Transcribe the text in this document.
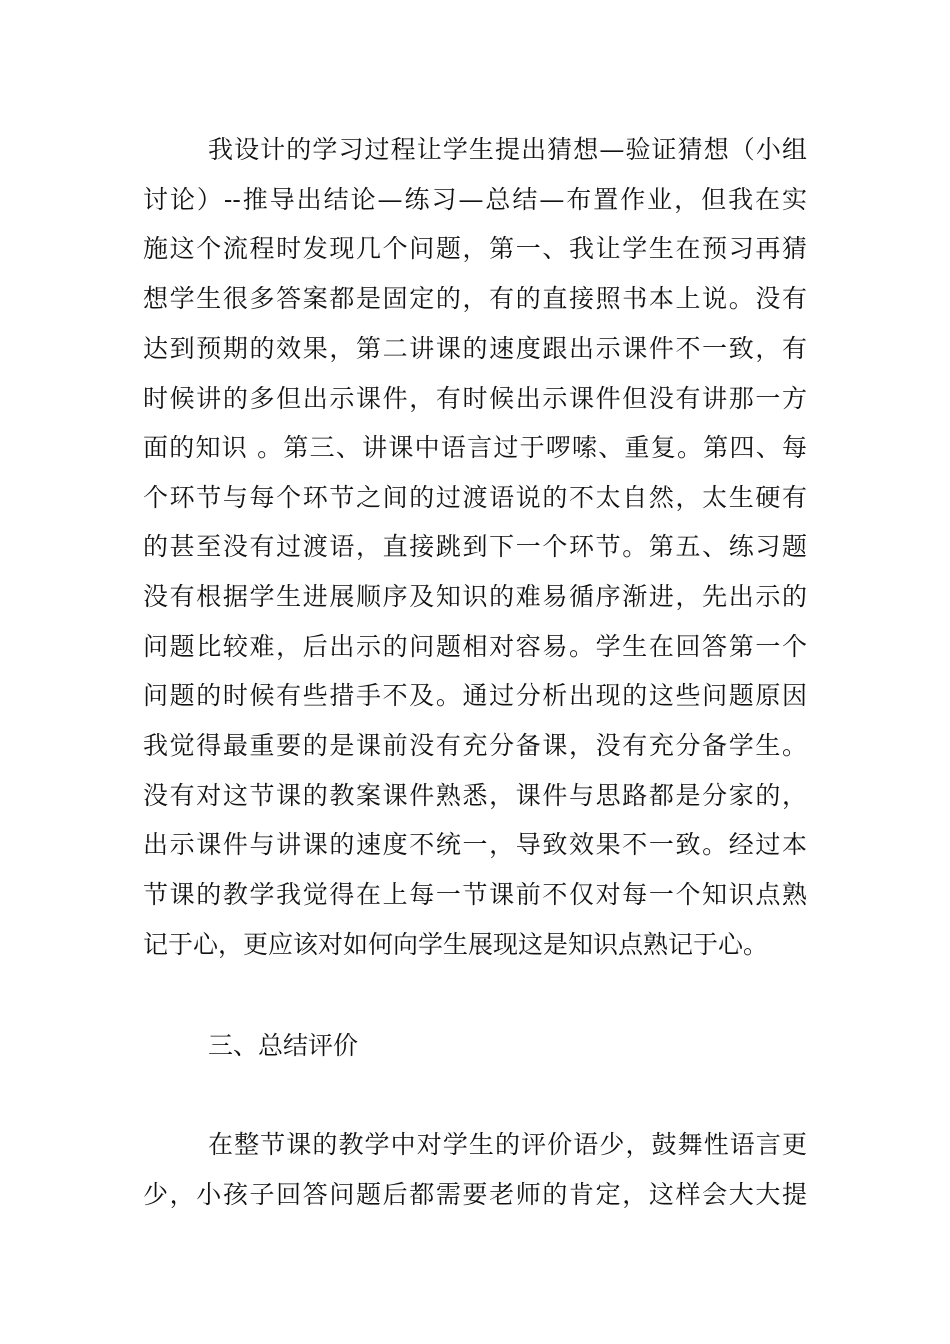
我设计的学习过程让学生提出猜想—验证猜想（小组
讨论）--推导出结论—练习—总结—布置作业，但我在实
施这个流程时发现几个问题，第一、我让学生在预习再猜
想学生很多答案都是固定的，有的直接照书本上说。没有
达到预期的效果，第二讲课的速度跟出示课件不一致，有
时候讲的多但出示课件，有时候出示课件但没有讲那一方
面的知识 。第三、讲课中语言过于啰嗦、重复。第四、每
个环节与每个环节之间的过渡语说的不太自然，太生硬有
的甚至没有过渡语，直接跳到下一个环节。第五、练习题
没有根据学生进展顺序及知识的难易循序渐进，先出示的
问题比较难，后出示的问题相对容易。学生在回答第一个
问题的时候有些措手不及。通过分析出现的这些问题原因
我觉得最重要的是课前没有充分备课，没有充分备学生。
没有对这节课的教案课件熟悉，课件与思路都是分家的，
出示课件与讲课的速度不统一，导致效果不一致。经过本
节课的教学我觉得在上每一节课前不仅对每一个知识点熟
记于心，更应该对如何向学生展现这是知识点熟记于心。
三、总结评价
在整节课的教学中对学生的评价语少，鼓舞性语言更
少，小孩子回答问题后都需要老师的肯定，这样会大大提
